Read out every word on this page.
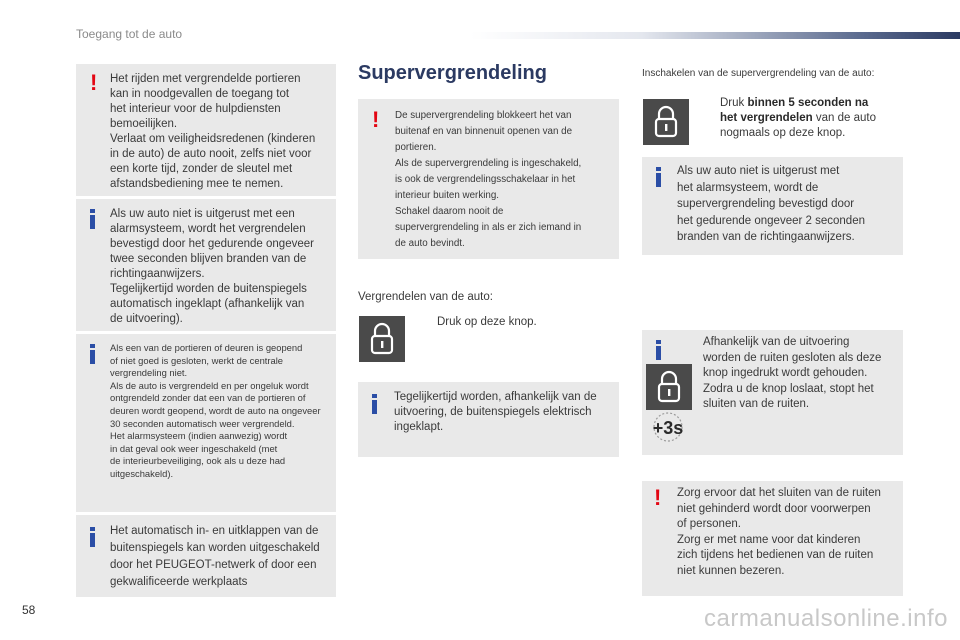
Toegang tot de auto
! Het rijden met vergrendelde portieren
kan in noodgevallen de toegang tot
het interieur voor de hulpdiensten
bemoeilijken.
Verlaat om veiligheidsredenen (kinderen
in de auto) de auto nooit, zelfs niet voor
een korte tijd, zonder de sleutel met
afstandsbediening mee te nemen.
Als uw auto niet is uitgerust met een
alarmsysteem, wordt het vergrendelen
bevestigd door het gedurende ongeveer
twee seconden blijven branden van de
richtingaanwijzers.
Tegelijkertijd worden de buitenspiegels
automatisch ingeklapt (afhankelijk van
de uitvoering).
Als een van de portieren of deuren is geopend
of niet goed is gesloten, werkt de centrale
vergrendeling niet.
Als de auto is vergrendeld en per ongeluk wordt
ontgrendeld zonder dat een van de portieren of
deuren wordt geopend, wordt de auto na ongeveer
30 seconden automatisch weer vergrendeld.
Het alarmsysteem (indien aanwezig) wordt
in dat geval ook weer ingeschakeld (met
de interieurbeveiliging, ook als u deze had
uitgeschakeld).
Het automatisch in- en uitklappen van de
buitenspiegels kan worden uitgeschakeld
door het PEUGEOT-netwerk of door een
gekwalificeerde werkplaats
Supervergrendeling
! De supervergrendeling blokkeert het van
buitenaf en van binnenuit openen van de
portieren.
Als de supervergrendeling is ingeschakeld,
is ook de vergrendelingsschakelaar in het
interieur buiten werking.
Schakel daarom nooit de
supervergrendeling in als er zich iemand in
de auto bevindt.
Vergrendelen van de auto:
Druk op deze knop.
Tegelijkertijd worden, afhankelijk van de
uitvoering, de buitenspiegels elektrisch
ingeklapt.
Inschakelen van de supervergrendeling van de auto:
Druk binnen 5 seconden na
het vergrendelen van de auto
nogmaals op deze knop.
Als uw auto niet is uitgerust met
het alarmsysteem, wordt de
supervergrendeling bevestigd door
het gedurende ongeveer 2 seconden
branden van de richtingaanwijzers.
Afhankelijk van de uitvoering
worden de ruiten gesloten als deze
knop ingedrukt wordt gehouden.
Zodra u de knop loslaat, stopt het
sluiten van de ruiten.
+3s
! Zorg ervoor dat het sluiten van de ruiten
niet gehinderd wordt door voorwerpen
of personen.
Zorg er met name voor dat kinderen
zich tijdens het bedienen van de ruiten
niet kunnen bezeren.
58	carmanualsonline.info
